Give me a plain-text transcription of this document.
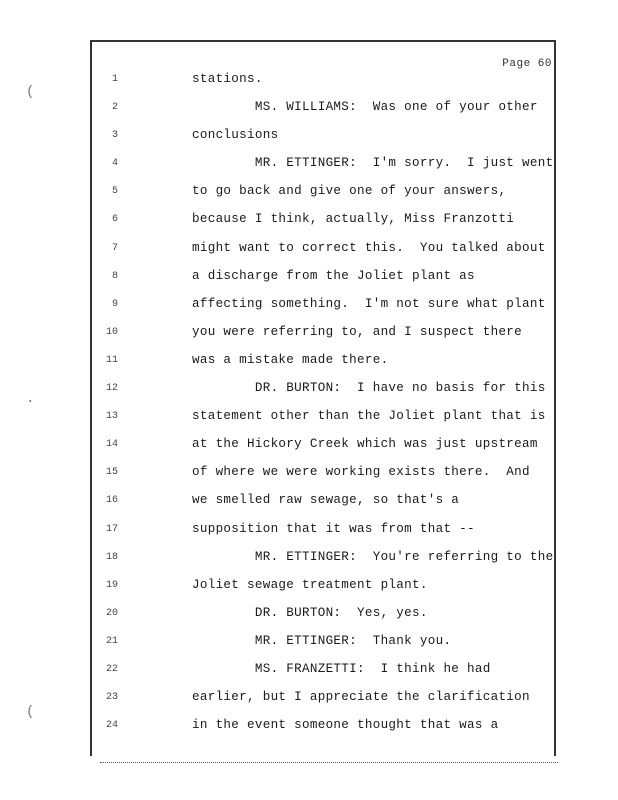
Page 60
1	stations.
2	MS. WILLIAMS:  Was one of your other
3	conclusions
4	MR. ETTINGER:  I'm sorry.  I just went
5	to go back and give one of your answers,
6	because I think, actually, Miss Franzotti
7	might want to correct this.  You talked about
8	a discharge from the Joliet plant as
9	affecting something.  I'm not sure what plant
10	you were referring to, and I suspect there
11	was a mistake made there.
12	DR. BURTON:  I have no basis for this
13	statement other than the Joliet plant that is
14	at the Hickory Creek which was just upstream
15	of where we were working exists there.  And
16	we smelled raw sewage, so that's a
17	supposition that it was from that --
18	MR. ETTINGER:  You're referring to the
19	Joliet sewage treatment plant.
20	DR. BURTON:  Yes, yes.
21	MR. ETTINGER:  Thank you.
22	MS. FRANZETTI:  I think he had
23	earlier, but I appreciate the clarification
24	in the event someone thought that was a
(
·
(
